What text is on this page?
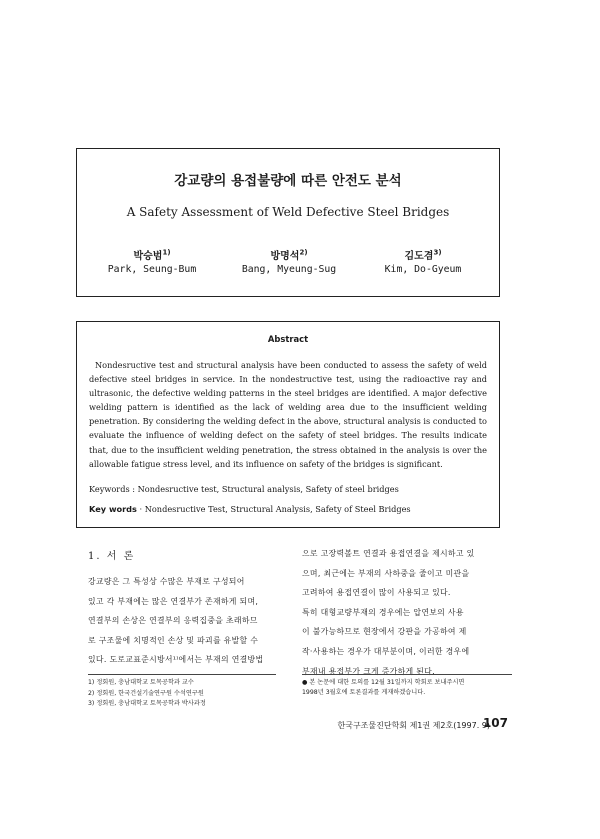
강교량의 용접불량에 따른 안전도 분석
A Safety Assessment of Weld Defective Steel Bridges
박승범$^{1)}$
Park, Seung-Bum
방명석$^{2)}$
Bang, Myeung-Sug
김도겸$^{3)}$
Kim, Do-Gyeum
Abstract
Nondesructive test and structural analysis have been conducted to assess the safety of weld defective steel bridges in service. In the nondestructive test, using the radioactive ray and ultrasonic, the defective welding patterns in the steel bridges are identified. A major defective welding pattern is identified as the lack of welding area due to the insufficient welding penetration. By considering the welding defect in the above, structural analysis is conducted to evaluate the influence of welding defect on the safety of steel bridges. The results indicate that, due to the insufficient welding penetration, the stress obtained in the analysis is over the allowable fatigue stress level, and its influence on safety of the bridges is significant.
Keywords : Nondesructive test, Structural analysis, Safety of steel bridges
Key words · Nondesructive Test, Structural Analysis, Safety of Steel Bridges
1. 서 론
강교량은 그 특성상 수많은 부재로 구성되어
있고 각 부재에는 많은 연결부가 존재하게 되며,
연결부의 손상은 연결부의 응력집중을 초래하므
로 구조물에 치명적인 손상 및 파괴를 유발할 수
있다. 도로교표준시방서¹⁾에서는 부재의 연결방법
으로 고장력볼트 연결과 용접연결을 제시하고 있
으며, 최근에는 부재의 사하중을 줄이고 미관을
고려하여 용접연결이 많이 사용되고 있다.
특히 대형교량부재의 경우에는 압연보의 사용
이 불가능하므로 현장에서 강판을 가공하여 제
작·사용하는 경우가 대부분이며, 이러한 경우에
부재내 용접부가 크게 증가하게 된다.
1) 정회원, 충남대학교 토목공학과 교수
2) 정회원, 한국건설기술연구원 수석연구원
3) 정회원, 충남대학교 토목공학과 박사과정
● 본 논문에 대한 토의를 12월 31일까지 학회로 보내주시면
1998년 3월호에 토론결과를 게재하겠습니다.
한국구조물진단학회 제1권 제2호(1997. 9)
107
